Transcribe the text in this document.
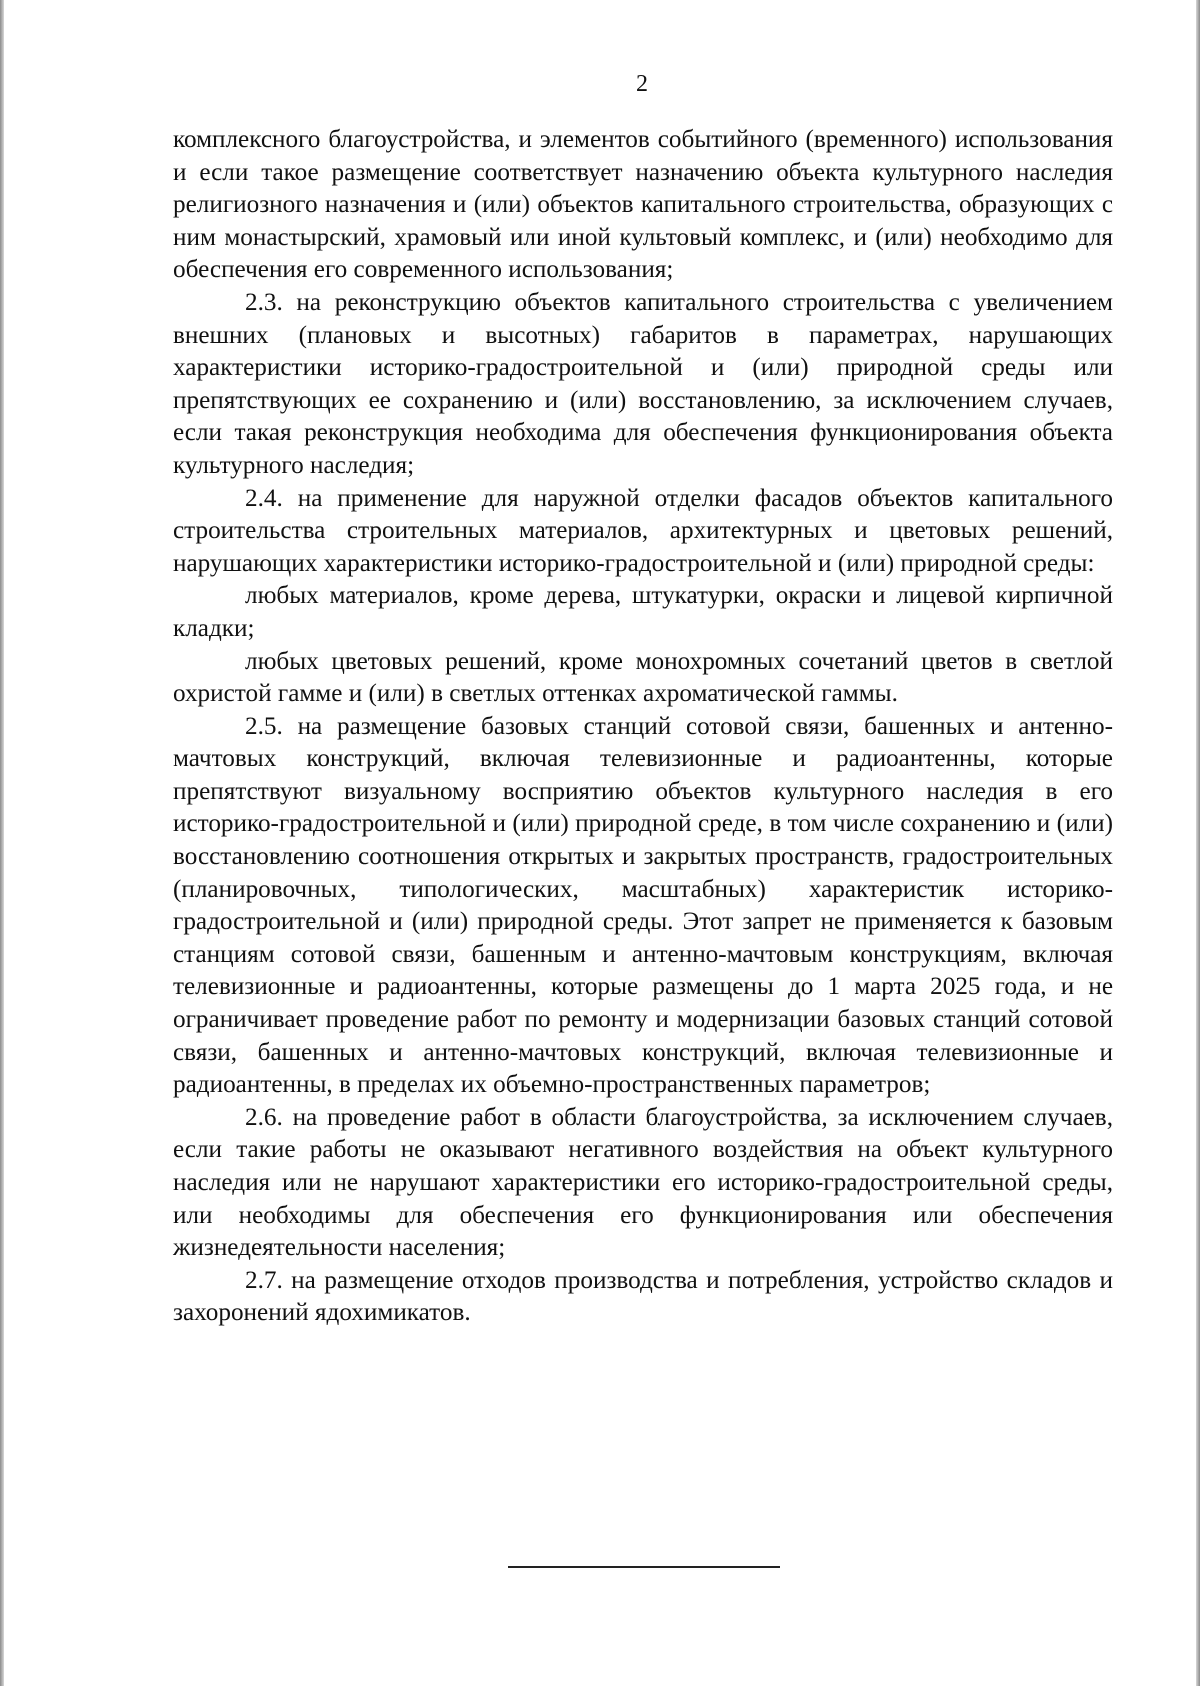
2

комплексного благоустройства, и элементов событийного (временного) использования и если такое размещение соответствует назначению объекта культурного наследия религиозного назначения и (или) объектов капитального строительства, образующих с ним монастырский, храмовый или иной культовый комплекс, и (или) необходимо для обеспечения его современного использования;

2.3. на реконструкцию объектов капитального строительства с увеличением внешних (плановых и высотных) габаритов в параметрах, нарушающих характеристики историко-градостроительной и (или) природной среды или препятствующих ее сохранению и (или) восстановлению, за исключением случаев, если такая реконструкция необходима для обеспечения функционирования объекта культурного наследия;

2.4. на применение для наружной отделки фасадов объектов капитального строительства строительных материалов, архитектурных и цветовых решений, нарушающих характеристики историко-градостроительной и (или) природной среды:

любых материалов, кроме дерева, штукатурки, окраски и лицевой кирпичной кладки;

любых цветовых решений, кроме монохромных сочетаний цветов в светлой охристой гамме и (или) в светлых оттенках ахроматической гаммы.

2.5. на размещение базовых станций сотовой связи, башенных и антенно-мачтовых конструкций, включая телевизионные и радиоантенны, которые препятствуют визуальному восприятию объектов культурного наследия в его историко-градостроительной и (или) природной среде, в том числе сохранению и (или) восстановлению соотношения открытых и закрытых пространств, градостроительных (планировочных, типологических, масштабных) характеристик историко-градостроительной и (или) природной среды. Этот запрет не применяется к базовым станциям сотовой связи, башенным и антенно-мачтовым конструкциям, включая телевизионные и радиоантенны, которые размещены до 1 марта 2025 года, и не ограничивает проведение работ по ремонту и модернизации базовых станций сотовой связи, башенных и антенно-мачтовых конструкций, включая телевизионные и радиоантенны, в пределах их объемно-пространственных параметров;

2.6. на проведение работ в области благоустройства, за исключением случаев, если такие работы не оказывают негативного воздействия на объект культурного наследия или не нарушают характеристики его историко-градостроительной среды, или необходимы для обеспечения его функционирования или обеспечения жизнедеятельности населения;

2.7. на размещение отходов производства и потребления, устройство складов и захоронений ядохимикатов.
